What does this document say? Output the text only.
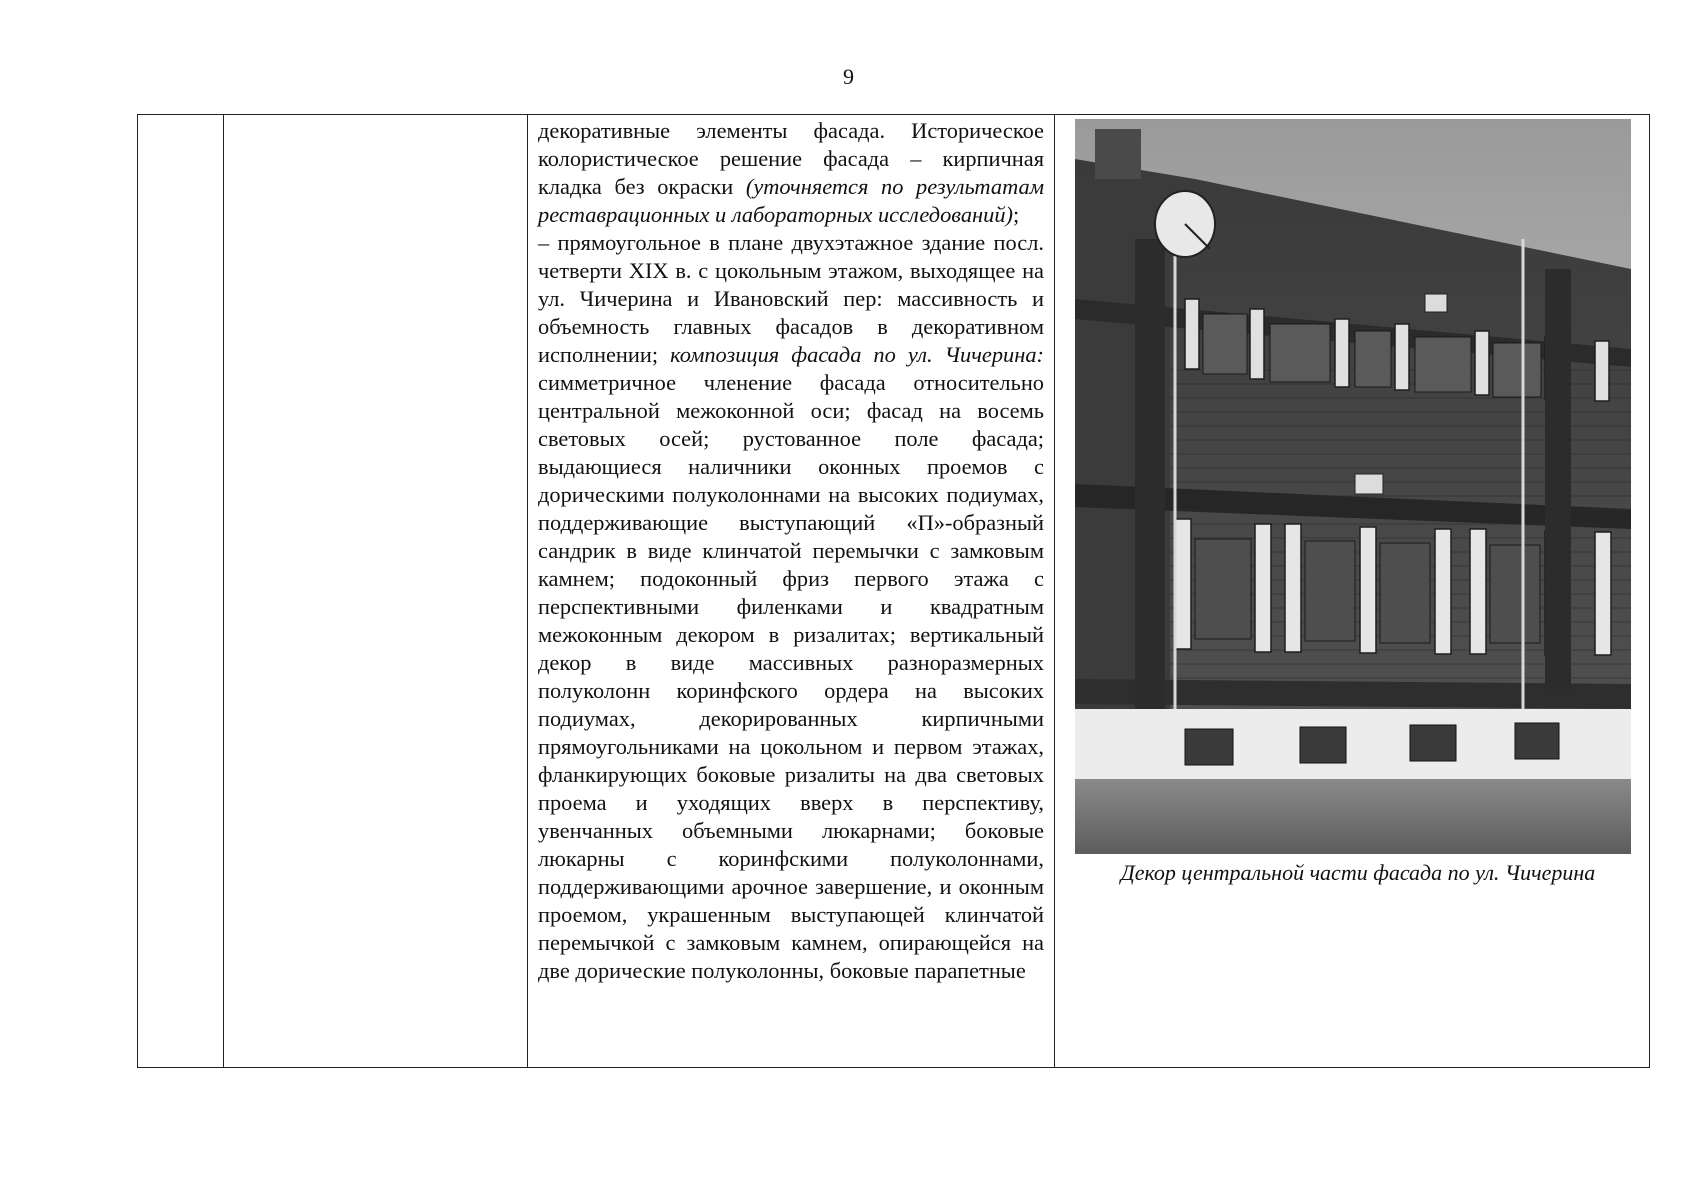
9

декоративные элементы фасада. Историческое колористическое решение фасада – кирпичная кладка без окраски (уточняется по результатам реставрационных и лабораторных исследований);

– прямоугольное в плане двухэтажное здание посл. четверти XIX в. с цокольным этажом, выходящее на ул. Чичерина и Ивановский пер: массивность и объемность главных фасадов в декоративном исполнении; композиция фасада по ул. Чичерина: симметричное членение фасада относительно центральной межоконной оси; фасад на восемь световых осей; рустованное поле фасада; выдающиеся наличники оконных проемов с дорическими полуколоннами на высоких подиумах, поддерживающие выступающий «П»-образный сандрик в виде клинчатой перемычки с замковым камнем; подоконный фриз первого этажа с перспективными филенками и квадратным межоконным декором в ризалитах; вертикальный декор в виде массивных разноразмерных полуколонн коринфского ордера на высоких подиумах, декорированных кирпичными прямоугольниками на цокольном и первом этажах, фланкирующих боковые ризалиты на два световых проема и уходящих вверх в перспективу, увенчанных объемными люкарнами; боковые люкарны с коринфскими полуколоннами, поддерживающими арочное завершение, и оконным проемом, украшенным выступающей клинчатой перемычкой с замковым камнем, опирающейся на две дорические полуколонны, боковые парапетные

Декор центральной части фасада по ул. Чичерина
